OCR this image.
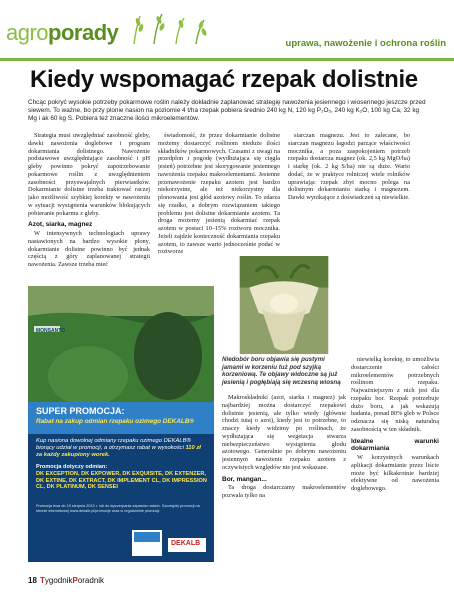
agroporady	uprawa, nawożenie i ochrona roślin
Kiedy wspomagać rzepak dolistnie
Chcąc pokryć wysokie potrzeby pokarmowe roślin należy dokładnie zaplanować strategię nawożenia jesiennego i wiosennego jeszcze przed siewem. To ważne, bo przy plonie nasion na poziomie 4 t/ha rzepak pobiera średnio 240 kg N, 120 kg P₂O₅, 240 kg K₂O, 100 kg Ca, 32 kg Mg i ak 60 kg S. Pobiera też znaczne ilości mikroelementów.

Strategia musi uwzględniać zasobność gleby, dawki nawożenia doglebowe i program dokarmiania dolistnego. Nawożenie podstawowe uwzględniające zasobność i pH gleby powinno pokryć zapotrzebowanie pokarmowe roślin z uwzględnieniem zasobności przyswajalnych pierwiastków. Dokarmianie dolistne trzeba traktować raczej jako możliwość szybkiej korekty w nawożeniu w sytuacji wystąpienia warunków blokujących pobieranie pokarmu z gleby.

Azot, siarka, magnez

W intensywnych technologiach uprawy nastawionych na bardzo wysokie plony, dokarmianie dolistne powinno być jednak częścią z góry zaplanowanej strategii nawożenia. Zawsze trzeba mieć

świadomość, że przez dokarmianie dolistne możemy dostarczyć roślinom nieduże ilości składników pokarmowych. Czasami z uwagi na przedplon i pogodę (wydłużająca się cięgła jesień) potrzebne jest skorygowanie jesiennego nawożenia rzepaku makroelementami. Jesienne przenawożenie rzepaku azotem jest bardzo niekorzystne, ale też niekorzystny dla plonowania jest głód azotowy roślin. To zdarza się rzadko, a dobrym rozwiązaniem takiego problemu jest dolistne dokarmianie azotem. Ta droga możemy jesienią dokarmiać rzepak azotem w postaci 10–15% roztworu mocznika. Jeżeli zajdzie konieczność dokarmiania rzepaku azotem, to zawsze warto jednocześnie podać w roztworze

siarczan magnezu. Jest to zalecane, bo siarczan magnezu łagodzi parzące właściwości mocznika, a poza zaspokojeniem potrzeb rzepaku dostarcza magnez (ok. 2,5 kg MgO/ha) i siarkę (ok. 2 kg S/ha) nie są duże. Warto dodać, że w praktyce rolniczej wiele rolników uprawiając rzepak zbyt mocno polega na dolistnym dokarmianiu siarką i magnezem. Dawki wynikające z doświadczeń są niewielkie.

Niedobór boru objawia się pustymi jamami w korzeniu tuż pod szyjką korzeniową. Te objawy widoczne są już jesienią i pogłębiają się wczesną wiosną
MONSANTO
SUPER PROMOCJA:
Rabat na zakup odmian rzepaku ozimego DEKALB®
Kup nasiona dowolnej odmiany rzepaku ozimego DEKALB® biorący udział w promocji, a otrzymasz rabat w wysokości 110 zł za każdy zakupiony worek.
Promocja dotyczy odmian:
DK EXCEPTION, DK EXPOWER, DK EXQUISITE, DK EXTENZER, DK EXTINE, DK EXTRACT, DK IMPLEMENT CL, DK IMPRESSION CL, DK PLATINUM, DK SENSEI
Promocja trwa do 15 sierpnia 2013 r. lub do wyczerpania zapasów nasion. Szczegóły promocji na stronie internetowej www.dekalb.pl/promocje oraz w regulaminie promocji.
DEKALB

Makroskładniki (azot, siarka i magnez) jak najbardziej można dostarczyć rzepakowi dolistnie jesienią, ale tylko wtedy (głównie chodzi tutaj o azot), kiedy jest to potrzebne, to znaczy kiedy widzimy po roślinach, że wydłużająca się wegetacja stwarza niebezpieczeństwo wystąpienia głodu azotowego. Generalnie po dobrym nawożeniu jesiennym nawożenie rzepaku azotem z oczywistych względów nie jest wskazane.

Bor, mangan...

Ta droga dostarczamy makroelementów pozwala tylko na

niewielką korektę, to umożliwia dostarczenie całości mikroelementów potrzebnych roślinom rzepaku. Najważniejszym z nich jest dla rzepaku bor. Rzepak potrzebuje dużo boru, a jak wskazują badania, ponad 80% gleb w Polsce odznacza się niską naturalną zasobnością w ten składnik.

Idealne warunki dokarmiania

W korzystnych warunkach aplikacji dokarmianie przez liście może być kilkakrotnie bardziej efektywne od nawożenia doglebowego.

18 TygodnikPoradnik
